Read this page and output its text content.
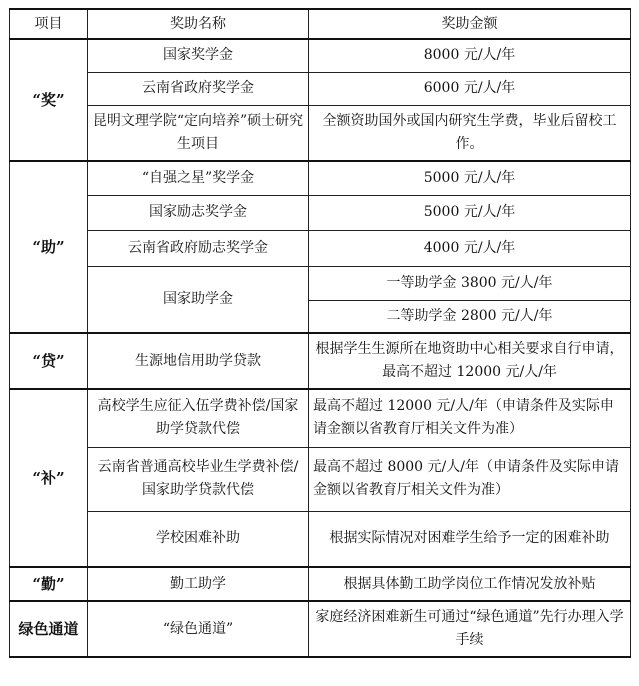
项目	奖助名称	奖助金额
“奖”	国家奖学金	8000 元/人/年
	云南省政府奖学金	6000 元/人/年
	昆明文理学院“定向培养”硕士研究生项目	全额资助国外或国内研究生学费，毕业后留校工作。
“助”	“自强之星”奖学金	5000 元/人/年
	国家励志奖学金	5000 元/人/年
	云南省政府励志奖学金	4000 元/人/年
	国家助学金	一等助学金 3800 元/人/年
		二等助学金 2800 元/人/年
“贷”	生源地信用助学贷款	根据学生生源所在地资助中心相关要求自行申请，最高不超过 12000 元/人/年
“补”	高校学生应征入伍学费补偿/国家助学贷款代偿	最高不超过 12000 元/人/年（申请条件及实际申请金额以省教育厅相关文件为准）
	云南省普通高校毕业生学费补偿/国家助学贷款代偿	最高不超过 8000 元/人/年（申请条件及实际申请金额以省教育厅相关文件为准）
	学校困难补助	根据实际情况对困难学生给予一定的困难补助
“勤”	勤工助学	根据具体勤工助学岗位工作情况发放补贴
绿色通道	“绿色通道”	家庭经济困难新生可通过“绿色通道”先行办理入学手续
